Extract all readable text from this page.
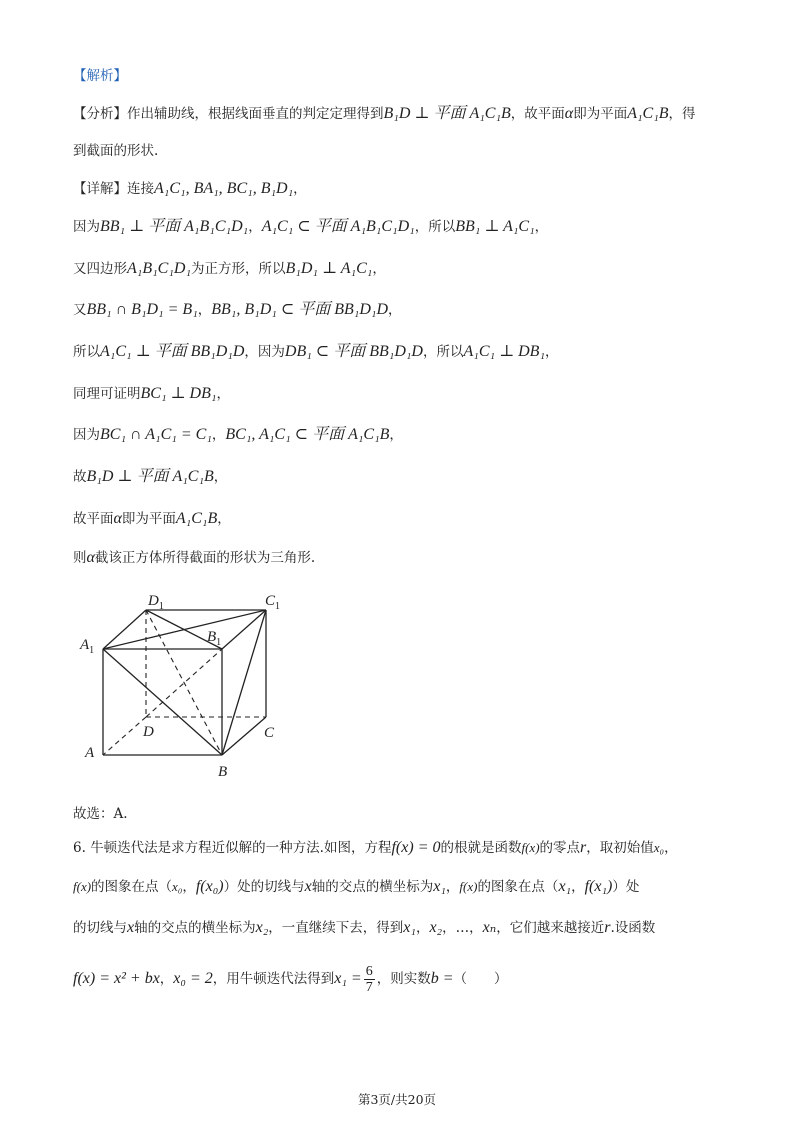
【解析】
【分析】作出辅助线，根据线面垂直的判定定理得到B₁D ⊥ 平面 A₁C₁B，故平面α即为平面A₁C₁B，得
到截面的形状.
【详解】连接A₁C₁, BA₁, BC₁, B₁D₁，
因为BB₁ ⊥ 平面 A₁B₁C₁D₁，A₁C₁ ⊂ 平面 A₁B₁C₁D₁，所以BB₁ ⊥ A₁C₁，
又四边形A₁B₁C₁D₁为正方形，所以B₁D₁ ⊥ A₁C₁，
又BB₁ ∩ B₁D₁ = B₁，BB₁, B₁D₁ ⊂ 平面 BB₁D₁D，
所以A₁C₁ ⊥ 平面 BB₁D₁D，因为DB₁ ⊂ 平面 BB₁D₁D，所以A₁C₁ ⊥ DB₁，
同理可证明BC₁ ⊥ DB₁，
因为BC₁ ∩ A₁C₁ = C₁，BC₁, A₁C₁ ⊂ 平面 A₁C₁B，
故B₁D ⊥ 平面 A₁C₁B，
故平面α即为平面A₁C₁B，
则α截该正方体所得截面的形状为三角形.
$D_1$	$C_1$
$A_1$
$B_1$
D	C
A
B
故选：A.
6. 牛顿迭代法是求方程近似解的一种方法.如图，方程f(x) = 0的根就是函数f(x)的零点r，取初始值x₀，
f(x)的图象在点（x₀，f(x₀)）处的切线与x轴的交点的横坐标为x₁，f(x)的图象在点（x₁，f(x₁)）处
的切线与x轴的交点的横坐标为x₂，一直继续下去，得到x₁，x₂，…，xₙ，它们越来越接近r.设函数
f(x) = x² + bx，x₀ = 2，用牛顿迭代法得到$x_1 = \frac{6}{7}$ ，则实数b =（　　）
第3页/共20页
